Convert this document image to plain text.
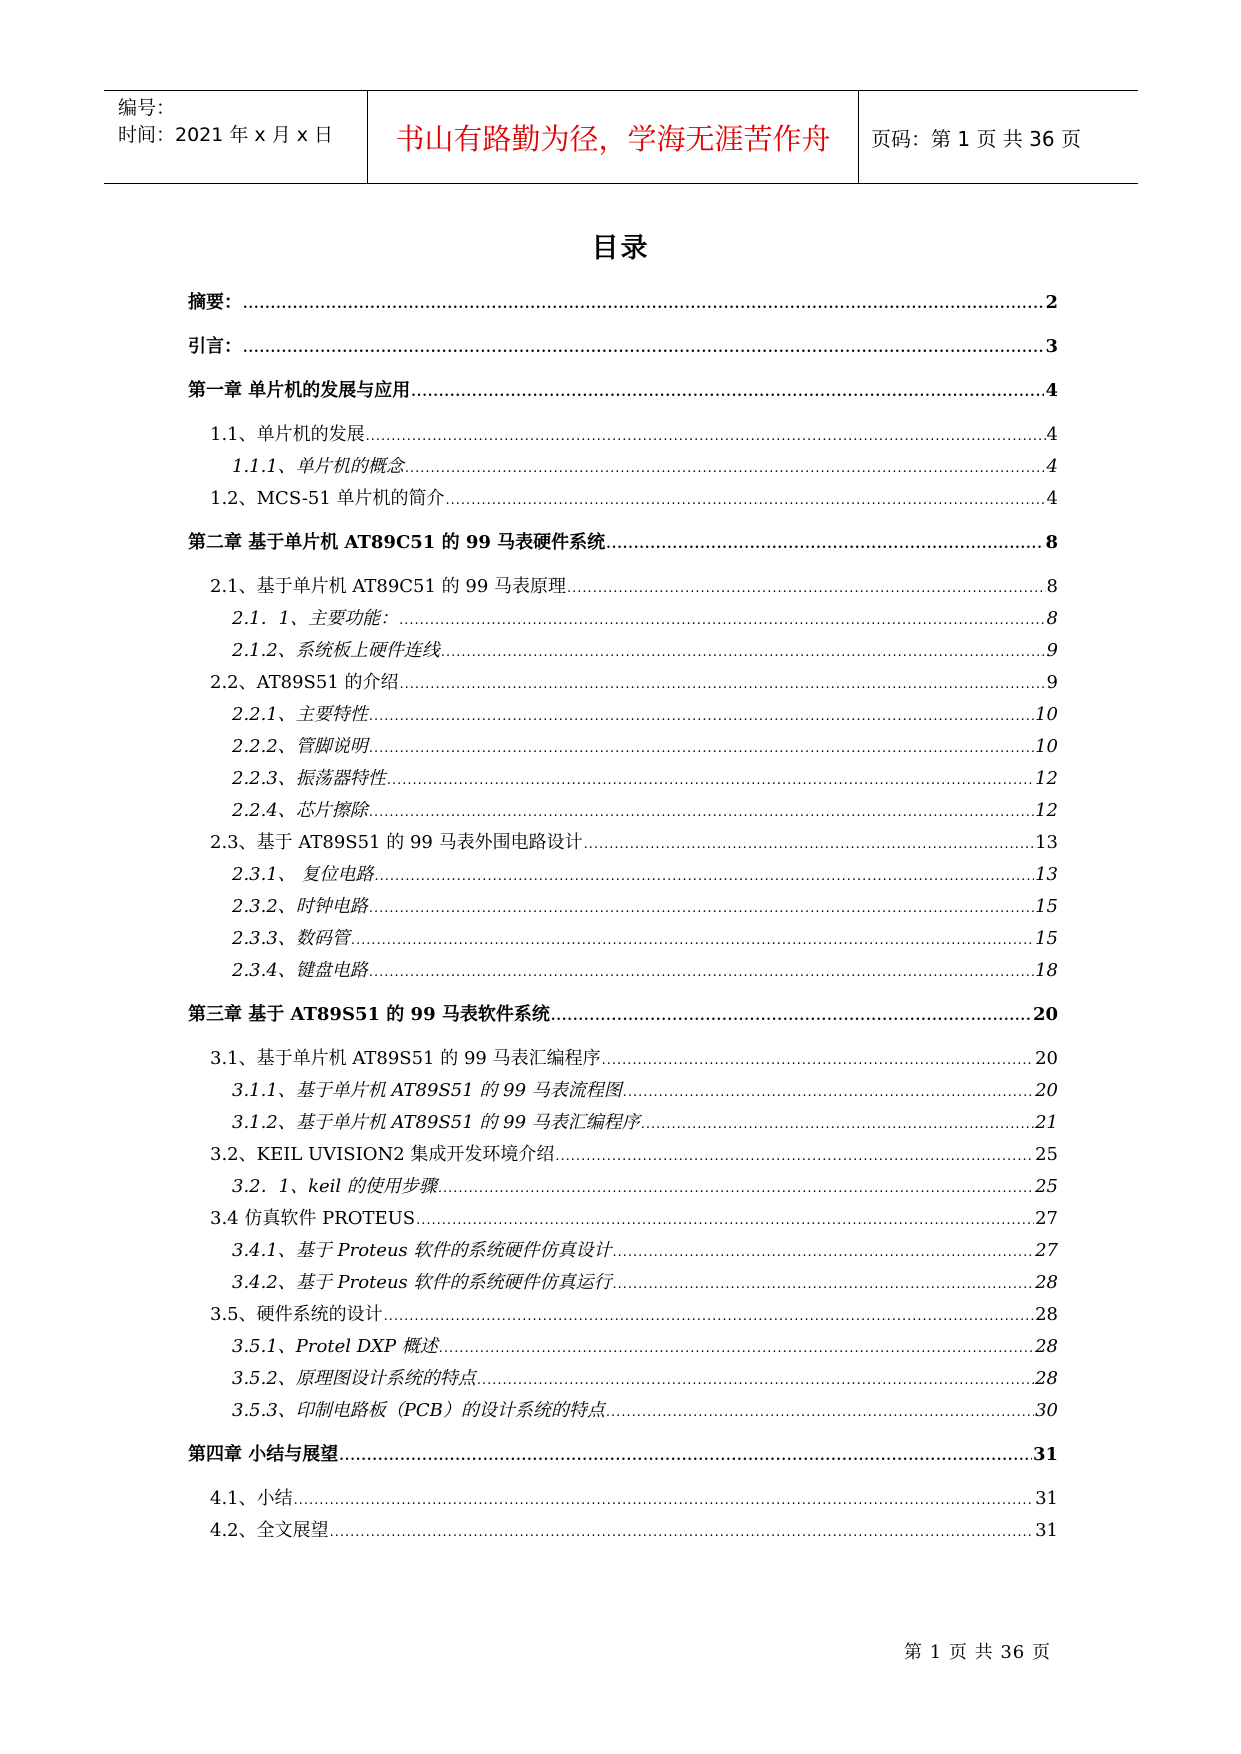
编号：
时间：2021 年 x 月 x 日	书山有路勤为径，学海无涯苦作舟	页码：第 1 页 共 36 页
目录
摘要： .....	2
引言： .....	3
第一章 单片机的发展与应用 .....	4
1.1、单片机的发展 .....	4
1.1.1、单片机的概念 .....	4
1.2、MCS-51 单片机的简介 .....	4
第二章 基于单片机 AT89C51 的 99 马表硬件系统 .....	8
2.1、基于单片机 AT89C51 的 99 马表原理 .....	8
2.1．1、主要功能： .....	8
2.1.2、系统板上硬件连线 .....	9
2.2、AT89S51 的介绍 .....	9
2.2.1、主要特性 .....	10
2.2.2、管脚说明 .....	10
2.2.3、振荡器特性 .....	12
2.2.4、芯片擦除 .....	12
2.3、基于 AT89S51 的 99 马表外围电路设计 .....	13
2.3.1、 复位电路 .....	13
2.3.2、时钟电路 .....	15
2.3.3、数码管 .....	15
2.3.4、键盘电路 .....	18
第三章 基于 AT89S51 的 99 马表软件系统 .....	20
3.1、基于单片机 AT89S51 的 99 马表汇编程序 .....	20
3.1.1、基于单片机 AT89S51 的 99 马表流程图 .....	20
3.1.2、基于单片机 AT89S51 的 99 马表汇编程序 .....	21
3.2、KEIL UVISION2 集成开发环境介绍 .....	25
3.2．1、keil 的使用步骤 .....	25
3.4 仿真软件 PROTEUS .....	27
3.4.1、基于 Proteus 软件的系统硬件仿真设计 .....	27
3.4.2、基于 Proteus 软件的系统硬件仿真运行 .....	28
3.5、硬件系统的设计 .....	28
3.5.1、Protel DXP 概述 .....	28
3.5.2、原理图设计系统的特点 .....	28
3.5.3、印制电路板（PCB）的设计系统的特点 .....	30
第四章 小结与展望 .....	31
4.1、小结 .....	31
4.2、全文展望 .....	31
第 1 页 共 36 页
